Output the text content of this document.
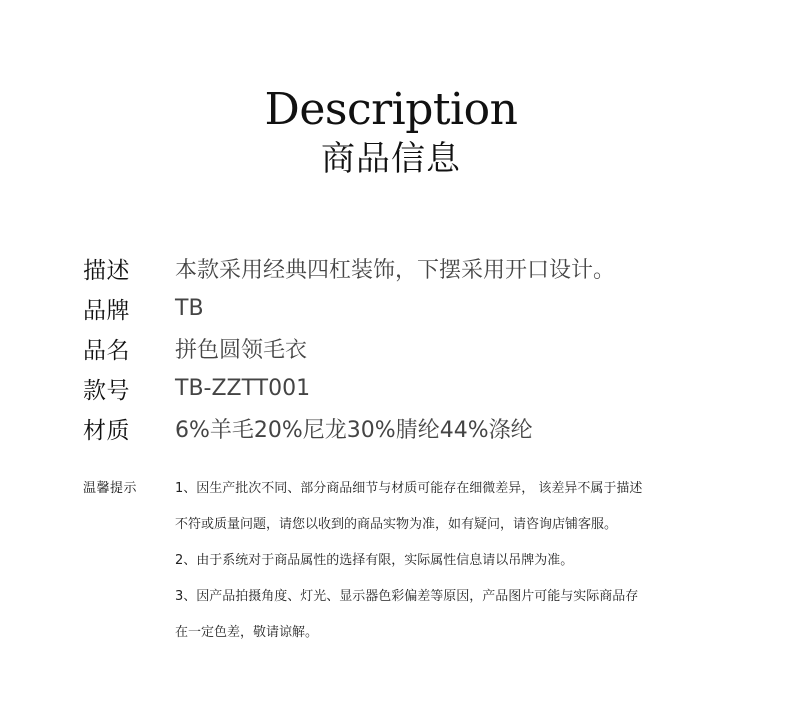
Description
商品信息
描述	本款采用经典四杠装饰，下摆采用开口设计。
品牌	TB
品名	拼色圆领毛衣
款号	TB-ZZTT001
材质	6%羊毛20%尼龙30%腈纶44%涤纶
温馨提示	1、因生产批次不同、部分商品细节与材质可能存在细微差异， 该差异不属于描述
不符或质量问题，请您以收到的商品实物为准，如有疑问，请咨询店铺客服。
2、由于系统对于商品属性的选择有限，实际属性信息请以吊牌为准。
3、因产品拍摄角度、灯光、显示器色彩偏差等原因，产品图片可能与实际商品存
在一定色差，敬请谅解。
